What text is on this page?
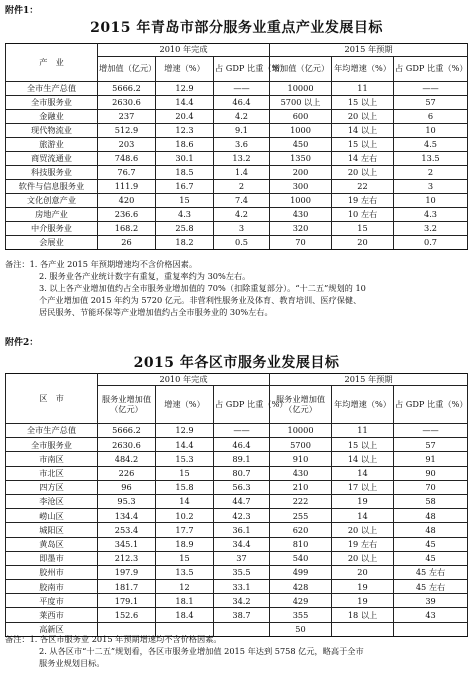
附件1：
2015 年青岛市部分服务业重点产业发展目标
产　业	2010 年完成			2015 年预期		
	增加值（亿元）	增速（%）	占 GDP 比重（%）	增加值（亿元）	年均增速（%）	占 GDP 比重（%）
全市生产总值	5666.2	12.9	——	10000	11	——
全市服务业	2630.6	14.4	46.4	5700 以上	15 以上	57
金融业	237	20.4	4.2	600	20 以上	6
现代物流业	512.9	12.3	9.1	1000	14 以上	10
旅游业	203	18.6	3.6	450	15 以上	4.5
商贸流通业	748.6	30.1	13.2	1350	14 左右	13.5
科技服务业	76.7	18.5	1.4	200	20 以上	2
软件与信息服务业	111.9	16.7	2	300	22	3
文化创意产业	420	15	7.4	1000	19 左右	10
房地产业	236.6	4.3	4.2	430	10 左右	4.3
中介服务业	168.2	25.8	3	320	15	3.2
会展业	26	18.2	0.5	70	20	0.7
备注：1. 各产业 2015 年预期增速均不含价格因素。
2. 服务业各产业统计数字有重复，重复率约为 30%左右。
3. 以上各产业增加值约占全市服务业增加值的 70%（扣除重复部分）。“十二五”规划的 10
个产业增加值 2015 年约为 5720 亿元。非营利性服务业及体育、教育培训、医疗保健、
居民服务、节能环保等产业增加值约占全市服务业的 30%左右。
附件2：
2015 年各区市服务业发展目标
区　市	2010 年完成			2015 年预期		
	服务业增加值（亿元）	增速（%）	占 GDP 比重（%）	服务业增加值（亿元）	年均增速（%）	占 GDP 比重（%）
全市生产总值	5666.2	12.9	——	10000	11	——
全市服务业	2630.6	14.4	46.4	5700	15 以上	57
市南区	484.2	15.3	89.1	910	14 以上	91
市北区	226	15	80.7	430	14	90
四方区	96	15.8	56.3	210	17 以上	70
李沧区	95.3	14	44.7	222	19	58
崂山区	134.4	10.2	42.3	255	14	48
城阳区	253.4	17.7	36.1	620	20 以上	48
黄岛区	345.1	18.9	34.4	810	19 左右	45
即墨市	212.3	15	37	540	20 以上	45
胶州市	197.9	13.5	35.5	499	20	45 左右
胶南市	181.7	12	33.1	428	19	45 左右
平度市	179.1	18.1	34.2	429	19	39
莱西市	152.6	18.4	38.7	355	18 以上	43
高新区				50		
备注：1. 各区市服务业 2015 年预期增速均不含价格因素。
2. 从各区市“十二五”规划看，各区市服务业增加值 2015 年达到 5758 亿元，略高于全市
服务业规划目标。
